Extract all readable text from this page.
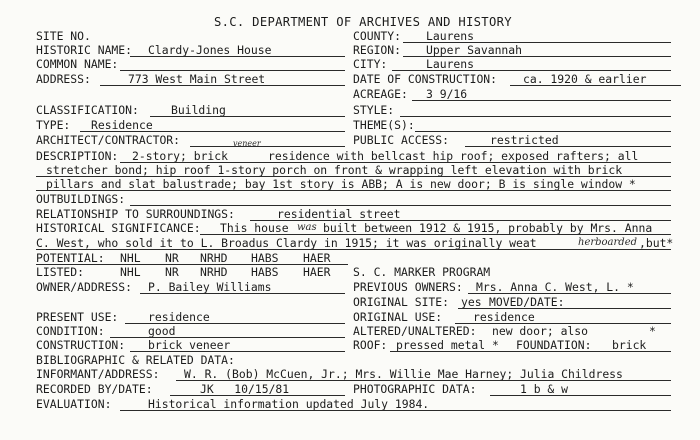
S.C. DEPARTMENT OF ARCHIVES AND HISTORY
SITE NO.	COUNTY: Laurens
HISTORIC NAME: Clardy-Jones House	REGION: Upper Savannah
COMMON NAME:	CITY:	Laurens
ADDRESS:	773 West Main Street	DATE OF CONSTRUCTION: ca. 1920 & earlier
ACREAGE: 3 9/16
CLASSIFICATION:	Building	STYLE:
TYPE: Residence	THEME(S):
ARCHITECT/CONTRACTOR:	PUBLIC ACCESS:	restricted
veneer
DESCRIPTION: 2-story; brick	residence with bellcast hip roof; exposed rafters; all
stretcher bond; hip roof 1-story porch on front & wrapping left elevation with brick
pillars and slat balustrade; bay 1st story is ABB; A is new door; B is single window *
OUTBUILDINGS:
RELATIONSHIP TO SURROUNDINGS:	residential street
HISTORICAL SIGNIFICANCE: This house was built between 1912 & 1915, probably by Mrs. Anna
C. West, who sold it to L. Broadus Clardy in 1915; it was originally weat	herboarded ,but*
POTENTIAL: NHL NR NRHD HABS HAER
LISTED:	NHL NR NRHD HABS HAER S. C. MARKER PROGRAM
OWNER/ADDRESS: P. Bailey Williams	PREVIOUS OWNERS: Mrs. Anna C. West, L. *
ORIGINAL SITE: yes MOVED/DATE:
PRESENT USE:	residence	ORIGINAL USE:	residence
CONDITION:	good	ALTERED/UNALTERED: new door; also	*
CONSTRUCTION: brick veneer	ROOF: pressed metal * FOUNDATION: brick
BIBLIOGRAPHIC & RELATED DATA:
INFORMANT/ADDRESS: W. R. (Bob) McCuen, Jr.; Mrs. Willie Mae Harney; Julia Childress
RECORDED BY/DATE:	JK   10/15/81	PHOTOGRAPHIC DATA:	1 b & w
EVALUATION:	Historical information updated July 1984.
